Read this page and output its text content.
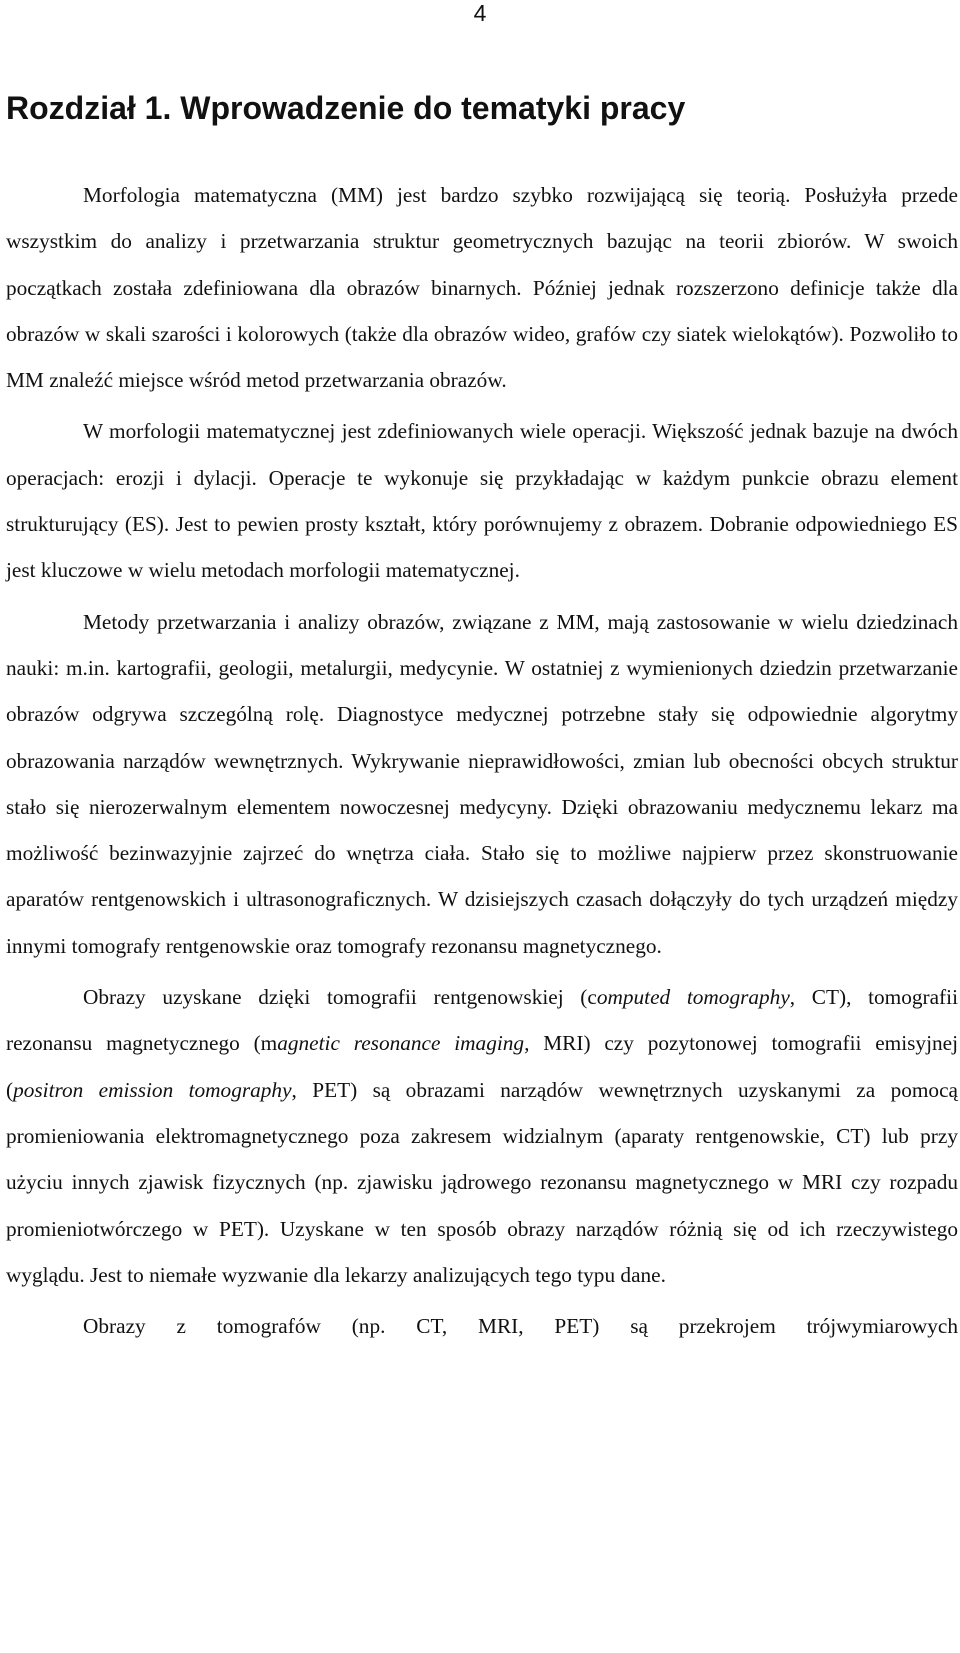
4
Rozdział 1. Wprowadzenie do tematyki pracy

Morfologia matematyczna (MM) jest bardzo szybko rozwijającą się teorią. Posłużyła przede wszystkim do analizy i przetwarzania struktur geometrycznych bazując na teorii zbiorów. W swoich początkach została zdefiniowana dla obrazów binarnych. Później jednak rozszerzono definicje także dla obrazów w skali szarości i kolorowych (także dla obrazów wideo, grafów czy siatek wielokątów). Pozwoliło to MM znaleźć miejsce wśród metod przetwarzania obrazów.

W morfologii matematycznej jest zdefiniowanych wiele operacji. Większość jednak bazuje na dwóch operacjach: erozji i dylacji. Operacje te wykonuje się przykładając w każdym punkcie obrazu element strukturujący (ES). Jest to pewien prosty kształt, który porównujemy z obrazem. Dobranie odpowiedniego ES jest kluczowe w wielu metodach morfologii matematycznej.

Metody przetwarzania i analizy obrazów, związane z MM, mają zastosowanie w wielu dziedzinach nauki: m.in. kartografii, geologii, metalurgii, medycynie. W ostatniej z wymienionych dziedzin przetwarzanie obrazów odgrywa szczególną rolę. Diagnostyce medycznej potrzebne stały się odpowiednie algorytmy obrazowania narządów wewnętrznych. Wykrywanie nieprawidłowości, zmian lub obecności obcych struktur stało się nierozerwalnym elementem nowoczesnej medycyny. Dzięki obrazowaniu medycznemu lekarz ma możliwość bezinwazyjnie zajrzeć do wnętrza ciała. Stało się to możliwe najpierw przez skonstruowanie aparatów rentgenowskich i ultrasonograficznych. W dzisiejszych czasach dołączyły do tych urządzeń między innymi tomografy rentgenowskie oraz tomografy rezonansu magnetycznego.

Obrazy uzyskane dzięki tomografii rentgenowskiej (computed tomography, CT), tomografii rezonansu magnetycznego (magnetic resonance imaging, MRI) czy pozytonowej tomografii emisyjnej (positron emission tomography, PET) są obrazami narządów wewnętrznych uzyskanymi za pomocą promieniowania elektromagnetycznego poza zakresem widzialnym (aparaty rentgenowskie, CT) lub przy użyciu innych zjawisk fizycznych (np. zjawisku jądrowego rezonansu magnetycznego w MRI czy rozpadu promieniotwórczego w PET). Uzyskane w ten sposób obrazy narządów różnią się od ich rzeczywistego wyglądu. Jest to niemałe wyzwanie dla lekarzy analizujących tego typu dane.

Obrazy z tomografów (np. CT, MRI, PET) są przekrojem trójwymiarowych
